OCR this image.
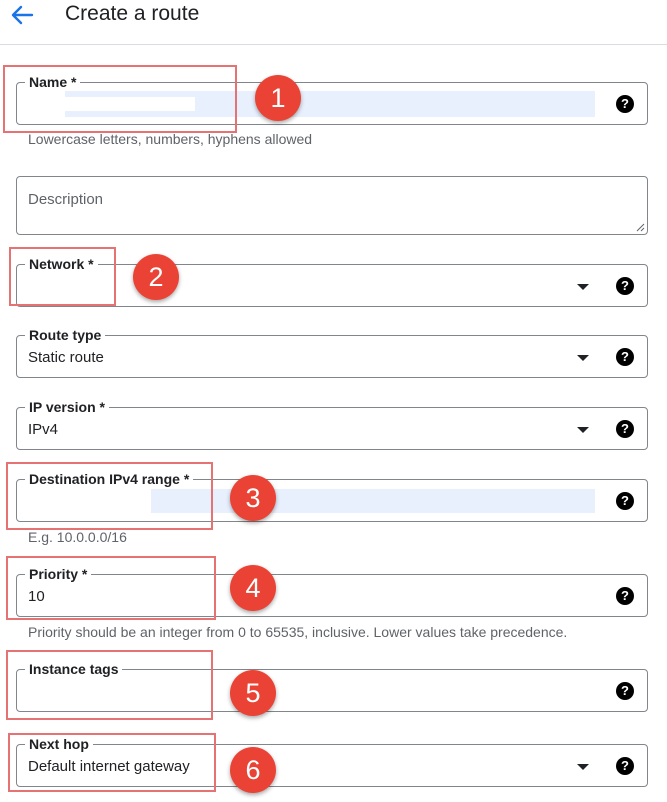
Create a route
Name *
?
Lowercase letters, numbers, hyphens allowed
Description
Network *
?
Route type
Static route	?
IP version *
IPv4	?
Destination IPv4 range *
?
E.g. 10.0.0.0/16
Priority *
10	?
Priority should be an integer from 0 to 65535, inclusive. Lower values take precedence.
Instance tags
?
Next hop
Default internet gateway	?
1
2
3
4
5
6
